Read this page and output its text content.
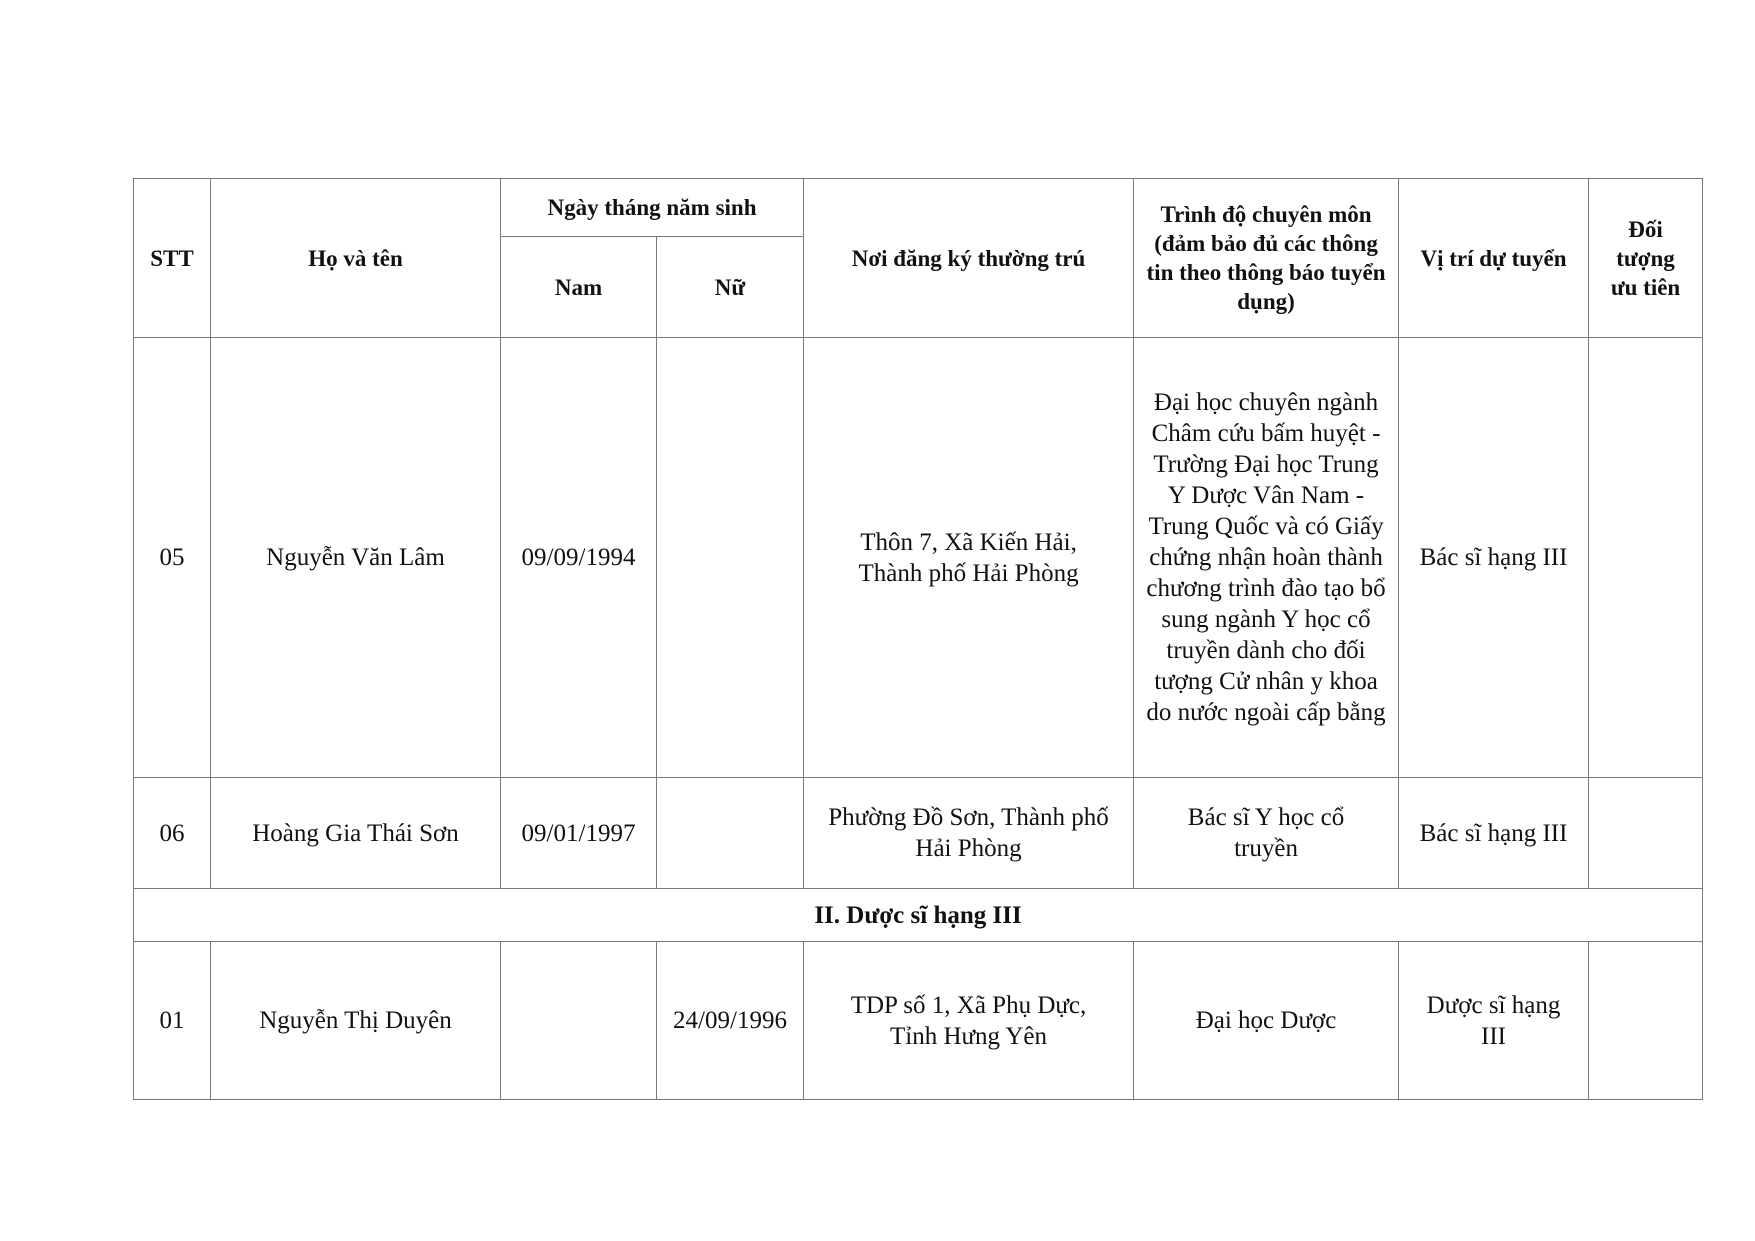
STT	Họ và tên	Ngày tháng năm sinh		Nơi đăng ký thường trú	Trình độ chuyên môn (đảm bảo đủ các thông tin theo thông báo tuyển dụng)	Vị trí dự tuyển	Đối tượng ưu tiên
		Nam	Nữ				
05	Nguyễn Văn Lâm	09/09/1994		Thôn 7, Xã Kiến Hải, Thành phố Hải Phòng	Đại học chuyên ngành Châm cứu bấm huyệt - Trường Đại học Trung Y Dược Vân Nam - Trung Quốc và có Giấy chứng nhận hoàn thành chương trình đào tạo bổ sung ngành Y học cổ truyền dành cho đối tượng Cử nhân y khoa do nước ngoài cấp bằng	Bác sĩ hạng III	
06	Hoàng Gia Thái Sơn	09/01/1997		Phường Đồ Sơn, Thành phố Hải Phòng	Bác sĩ Y học cổ truyền	Bác sĩ hạng III	
II. Dược sĩ hạng III							
01	Nguyễn Thị Duyên		24/09/1996	TDP số 1, Xã Phụ Dực, Tỉnh Hưng Yên	Đại học Dược	Dược sĩ hạng III	
